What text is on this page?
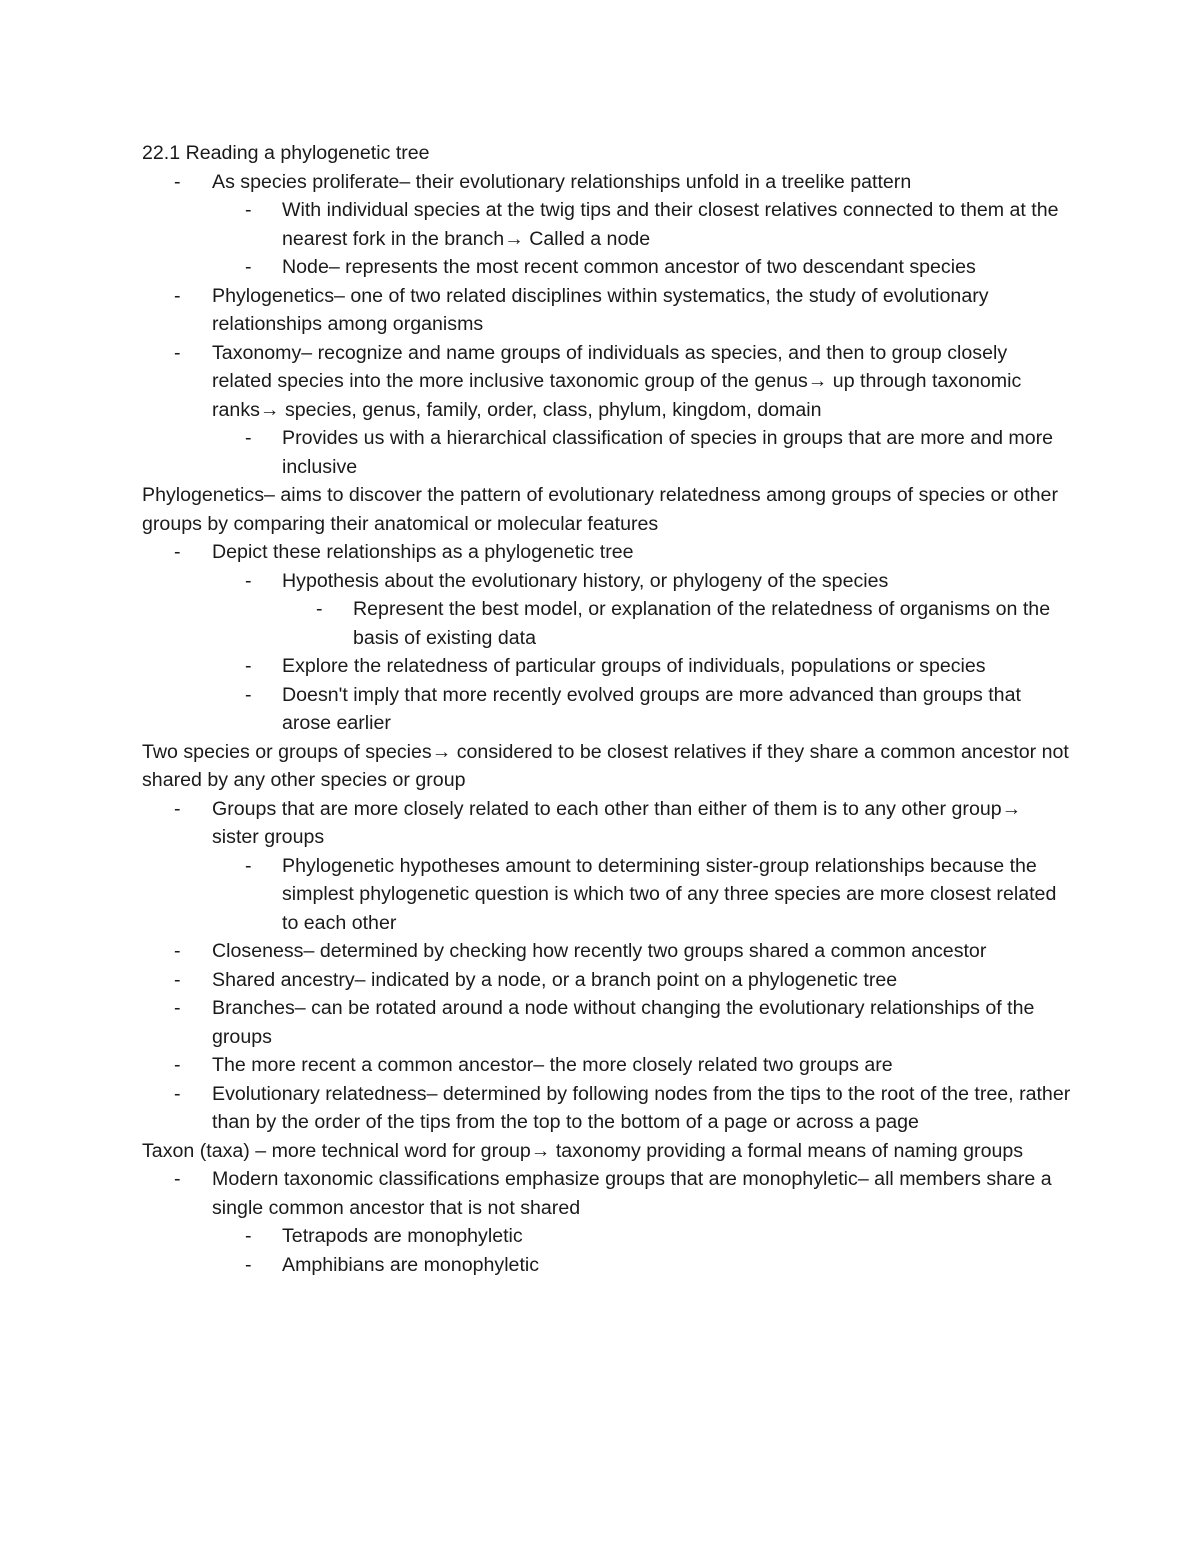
22.1 Reading a phylogenetic tree
- As species proliferate– their evolutionary relationships unfold in a treelike pattern
- With individual species at the twig tips and their closest relatives connected to them at the nearest fork in the branch→ Called a node
- Node– represents the most recent common ancestor of two descendant species
- Phylogenetics– one of two related disciplines within systematics, the study of evolutionary relationships among organisms
- Taxonomy– recognize and name groups of individuals as species, and then to group closely related species into the more inclusive taxonomic group of the genus→ up through taxonomic ranks→ species, genus, family, order, class, phylum, kingdom, domain
- Provides us with a hierarchical classification of species in groups that are more and more inclusive
Phylogenetics– aims to discover the pattern of evolutionary relatedness among groups of species or other groups by comparing their anatomical or molecular features
- Depict these relationships as a phylogenetic tree
- Hypothesis about the evolutionary history, or phylogeny of the species
- Represent the best model, or explanation of the relatedness of organisms on the basis of existing data
- Explore the relatedness of particular groups of individuals, populations or species
- Doesn't imply that more recently evolved groups are more advanced than groups that arose earlier
Two species or groups of species→ considered to be closest relatives if they share a common ancestor not shared by any other species or group
- Groups that are more closely related to each other than either of them is to any other group→ sister groups
- Phylogenetic hypotheses amount to determining sister-group relationships because the simplest phylogenetic question is which two of any three species are more closest related to each other
- Closeness– determined by checking how recently two groups shared a common ancestor
- Shared ancestry– indicated by a node, or a branch point on a phylogenetic tree
- Branches– can be rotated around a node without changing the evolutionary relationships of the groups
- The more recent a common ancestor– the more closely related two groups are
- Evolutionary relatedness– determined by following nodes from the tips to the root of the tree, rather than by the order of the tips from the top to the bottom of a page or across a page
Taxon (taxa) – more technical word for group→ taxonomy providing a formal means of naming groups
- Modern taxonomic classifications emphasize groups that are monophyletic– all members share a single common ancestor that is not shared
- Tetrapods are monophyletic
- Amphibians are monophyletic
